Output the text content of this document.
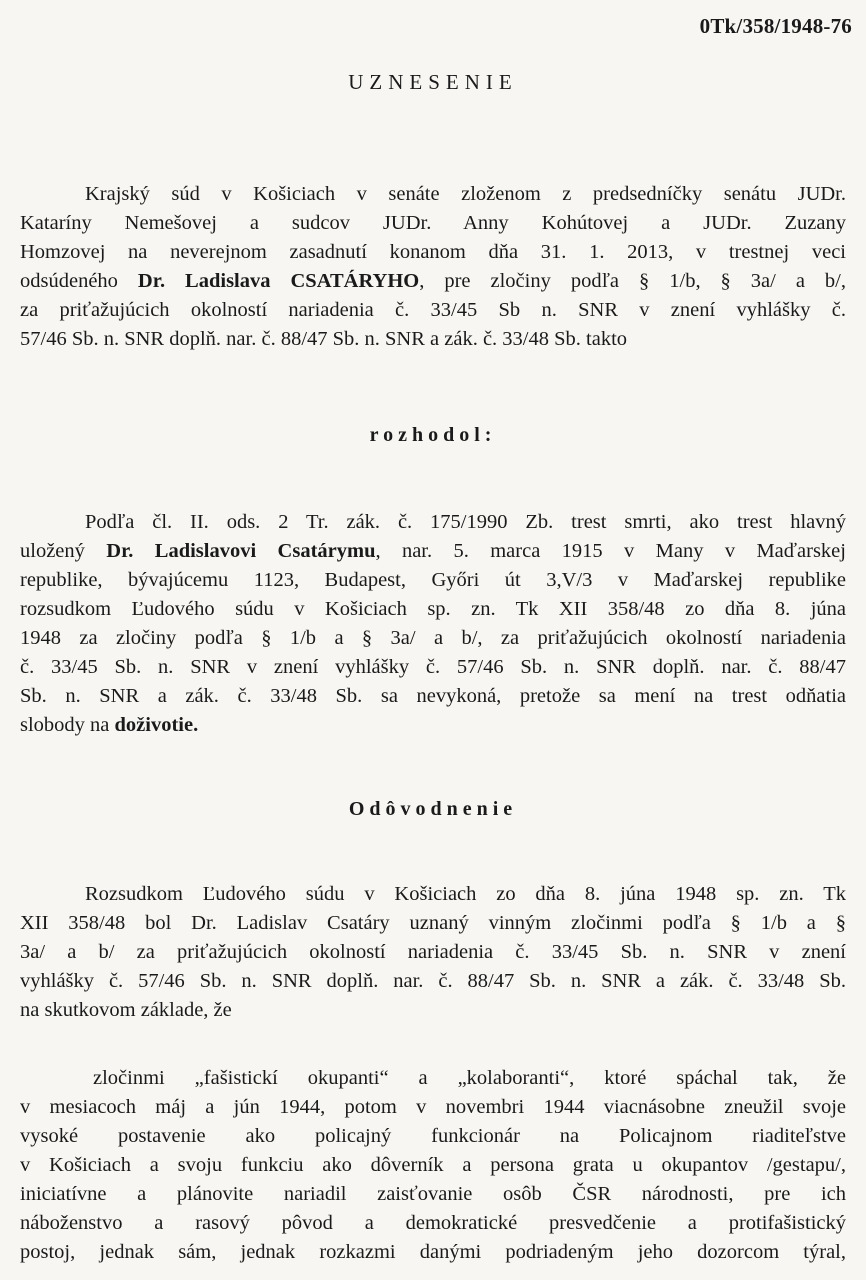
0Tk/358/1948-76
UZNESENIE
Krajský súd v Košiciach v senáte zloženom z predsedníčky senátu JUDr.
Kataríny Nemešovej a sudcov JUDr. Anny Kohútovej a JUDr. Zuzany
Homzovej na neverejnom zasadnutí konanom dňa 31. 1. 2013, v trestnej veci
odsúdeného Dr. Ladislava CSATÁRYHO, pre zločiny podľa § 1/b, § 3a/ a b/,
za priťažujúcich okolností nariadenia č. 33/45 Sb n. SNR v znení vyhlášky č.
57/46 Sb. n. SNR doplň. nar. č. 88/47 Sb. n. SNR a zák. č. 33/48 Sb. takto
rozhodol:
Podľa čl. II. ods. 2 Tr. zák. č. 175/1990 Zb. trest smrti, ako trest hlavný
uložený Dr. Ladislavovi Csatárymu, nar. 5. marca 1915 v Many v Maďarskej
republike, bývajúcemu 1123, Budapest, Győri út 3,V/3 v Maďarskej republike
rozsudkom Ľudového súdu v Košiciach sp. zn. Tk XII 358/48 zo dňa 8. júna
1948 za zločiny podľa § 1/b a § 3a/ a b/, za priťažujúcich okolností nariadenia
č. 33/45 Sb. n. SNR v znení vyhlášky č. 57/46 Sb. n. SNR doplň. nar. č. 88/47
Sb. n. SNR a zák. č. 33/48 Sb. sa nevykoná, pretože sa mení na trest odňatia
slobody na doživotie.
Odôvodnenie
Rozsudkom Ľudového súdu v Košiciach zo dňa 8. júna 1948 sp. zn. Tk
XII 358/48 bol Dr. Ladislav Csatáry uznaný vinným zločinmi podľa § 1/b a §
3a/ a b/ za priťažujúcich okolností nariadenia č. 33/45 Sb. n. SNR v znení
vyhlášky č. 57/46 Sb. n. SNR doplň. nar. č. 88/47 Sb. n. SNR a zák. č. 33/48 Sb.
na skutkovom základe, že
zločinmi „fašistickí okupanti“ a „kolaboranti“, ktoré spáchal tak, že
v mesiacoch máj a jún 1944, potom v novembri 1944 viacnásobne zneužil svoje
vysoké postavenie ako policajný funkcionár na Policajnom riaditeľstve
v Košiciach a svoju funkciu ako dôverník a persona grata u okupantov /gestapu/,
iniciatívne a plánovite nariadil zaisťovanie osôb ČSR národnosti, pre ich
náboženstvo a rasový pôvod a demokratické presvedčenie a protifašistický
postoj, jednak sám, jednak rozkazmi danými podriadeným jeho dozorcom týral,
